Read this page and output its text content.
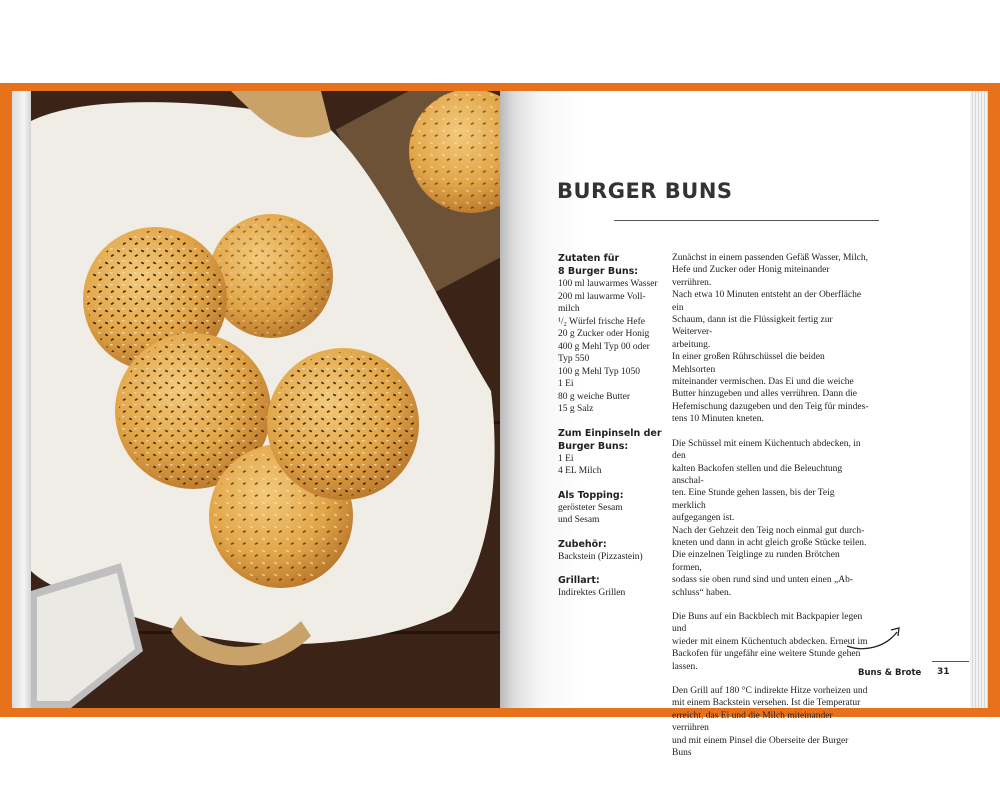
BURGER BUNS
Zutaten für
8 Burger Buns:
100 ml lauwarmes Wasser
200 ml lauwarme Voll-
milch
¹/₂ Würfel frische Hefe
20 g Zucker oder Honig
400 g Mehl Typ 00 oder
Typ 550
100 g Mehl Typ 1050
1 Ei
80 g weiche Butter
15 g Salz
Zum Einpinseln der
Burger Buns:
1 Ei
4 EL Milch
Als Topping:
gerösteter Sesam
und Sesam
Zubehör:
Backstein (Pizzastein)
Grillart:
Indirektes Grillen

Zunächst in einem passenden Gefäß Wasser, Milch,
Hefe und Zucker oder Honig miteinander verrühren.
Nach etwa 10 Minuten entsteht an der Oberfläche ein
Schaum, dann ist die Flüssigkeit fertig zur Weiterver-
arbeitung.
In einer großen Rührschüssel die beiden Mehlsorten
miteinander vermischen. Das Ei und die weiche
Butter hinzugeben und alles verrühren. Dann die
Hefemischung dazugeben und den Teig für mindes-
tens 10 Minuten kneten.

Die Schüssel mit einem Küchentuch abdecken, in den
kalten Backofen stellen und die Beleuchtung anschal-
ten. Eine Stunde gehen lassen, bis der Teig merklich
aufgegangen ist.
Nach der Gehzeit den Teig noch einmal gut durch-
kneten und dann in acht gleich große Stücke teilen.
Die einzelnen Teiglinge zu runden Brötchen formen,
sodass sie oben rund sind und unten einen „Ab-
schluss“ haben.

Die Buns auf ein Backblech mit Backpapier legen und
wieder mit einem Küchentuch abdecken. Erneut im
Backofen für ungefähr eine weitere Stunde gehen
lassen.

Den Grill auf 180 °C indirekte Hitze vorheizen und
mit einem Backstein versehen. Ist die Temperatur
erreicht, das Ei und die Milch miteinander verrühren
und mit einem Pinsel die Oberseite der Burger Buns

Buns & Brote 31
